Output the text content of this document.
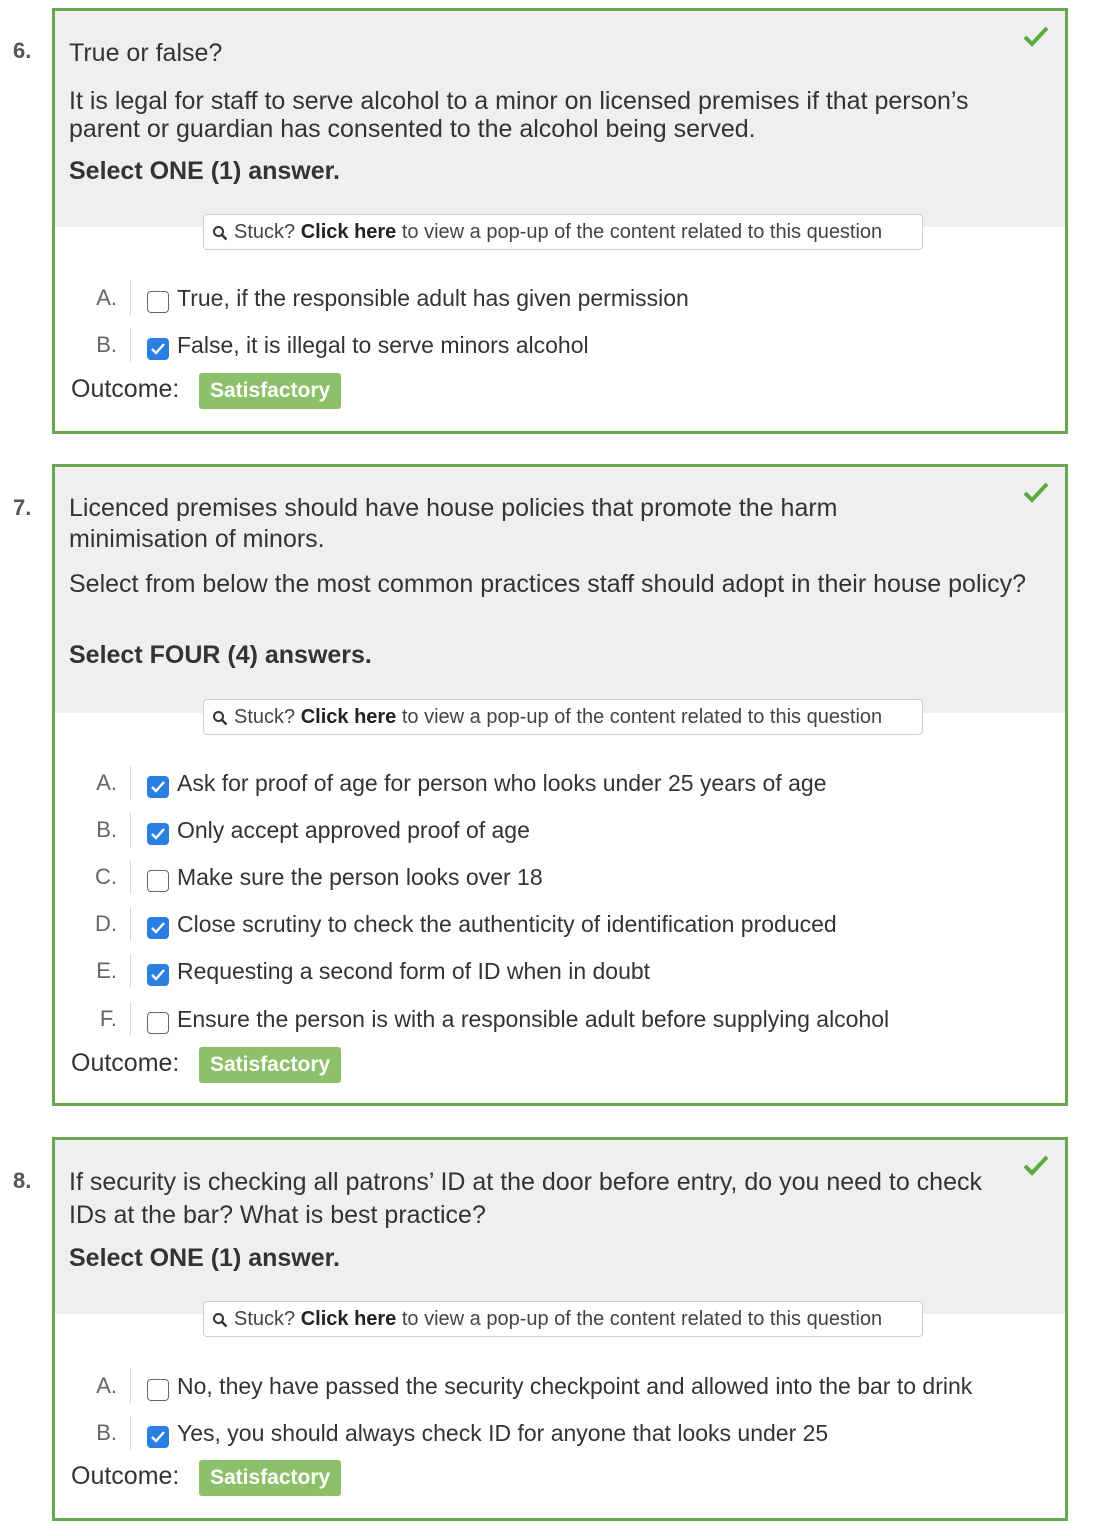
6. True or false?
It is legal for staff to serve alcohol to a minor on licensed premises if that person’s parent or guardian has consented to the alcohol being served.
Select ONE (1) answer.
Stuck? Click here to view a pop-up of the content related to this question
A.	True, if the responsible adult has given permission
B.	False, it is illegal to serve minors alcohol
Outcome:	Satisfactory
7. Licenced premises should have house policies that promote the harm minimisation of minors.
Select from below the most common practices staff should adopt in their house policy?
Select FOUR (4) answers.
Stuck? Click here to view a pop-up of the content related to this question
A.	Ask for proof of age for person who looks under 25 years of age
B.	Only accept approved proof of age
C.	Make sure the person looks over 18
D.	Close scrutiny to check the authenticity of identification produced
E.	Requesting a second form of ID when in doubt
F.	Ensure the person is with a responsible adult before supplying alcohol
Outcome:	Satisfactory
8. If security is checking all patrons’ ID at the door before entry, do you need to check IDs at the bar? What is best practice?
Select ONE (1) answer.
Stuck? Click here to view a pop-up of the content related to this question
A.	No, they have passed the security checkpoint and allowed into the bar to drink
B.	Yes, you should always check ID for anyone that looks under 25
Outcome:	Satisfactory
